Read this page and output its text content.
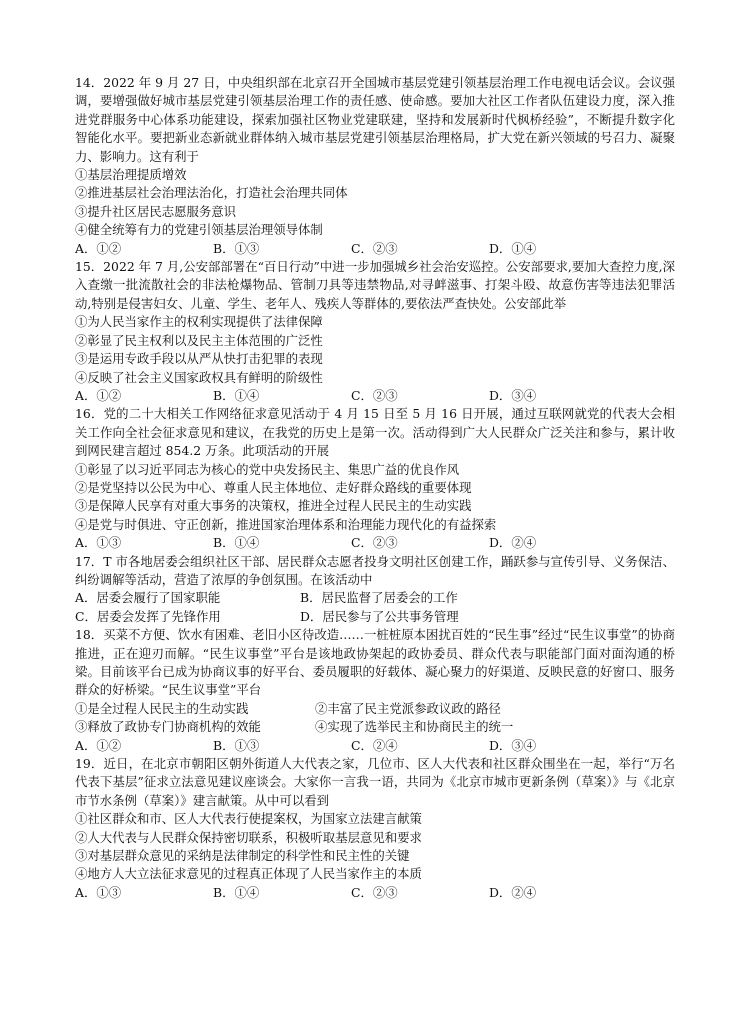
14．2022 年 9 月 27 日，中央组织部在北京召开全国城市基层党建引领基层治理工作电视电话会议。会议强调，要增强做好城市基层党建引领基层治理工作的责任感、使命感。要加大社区工作者队伍建设力度，深入推进党群服务中心体系功能建设，探索加强社区物业党建联建，坚持和发展新时代枫桥经验”，不断提升数字化智能化水平。要把新业态新就业群体纳入城市基层党建引领基层治理格局，扩大党在新兴领域的号召力、凝聚力、影响力。这有利于

①基层治理提质增效

②推进基层社会治理法治化，打造社会治理共同体

③提升社区居民志愿服务意识

④健全统筹有力的党建引领基层治理领导体制

A．①②	B．①③	C．②③	D．①④

15．2022 年 7 月,公安部部署在“百日行动”中进一步加强城乡社会治安巡控。公安部要求,要加大查控力度,深入查缴一批流散社会的非法枪爆物品、管制刀具等违禁物品,对寻衅滋事、打架斗殴、故意伤害等违法犯罪活动,特别是侵害妇女、儿童、学生、老年人、残疾人等群体的,要依法严查快处。公安部此举

①为人民当家作主的权利实现提供了法律保障

②彰显了民主权利以及民主主体范围的广泛性

③是运用专政手段以从严从快打击犯罪的表现

④反映了社会主义国家政权具有鲜明的阶级性

A．①②	B．①④	C．②③	D．③④

16．党的二十大相关工作网络征求意见活动于 4 月 15 日至 5 月 16 日开展，通过互联网就党的代表大会相关工作向全社会征求意见和建议，在我党的历史上是第一次。活动得到广大人民群众广泛关注和参与，累计收到网民建言超过 854.2 万条。此项活动的开展

①彰显了以习近平同志为核心的党中央发扬民主、集思广益的优良作风

②是党坚持以公民为中心、尊重人民主体地位、走好群众路线的重要体现

③是保障人民享有对重大事务的决策权，推进全过程人民民主的生动实践

④是党与时俱进、守正创新，推进国家治理体系和治理能力现代化的有益探索

A．①③	B．①④	C．②③	D．②④

17．T 市各地居委会组织社区干部、居民群众志愿者投身文明社区创建工作，踊跃参与宣传引导、义务保洁、纠纷调解等活动，营造了浓厚的争创氛围。在该活动中

A．居委会履行了国家职能	B．居民监督了居委会的工作
C．居委会发挥了先锋作用	D．居民参与了公共事务管理

18．买菜不方便、饮水有困难、老旧小区待改造……一桩桩原本困扰百姓的“民生事”经过“民生议事堂”的协商推进，正在迎刃而解。“民生议事堂”平台是该地政协架起的政协委员、群众代表与职能部门面对面沟通的桥梁。目前该平台已成为协商议事的好平台、委员履职的好载体、凝心聚力的好渠道、反映民意的好窗口、服务群众的好桥梁。“民生议事堂”平台

①是全过程人民民主的生动实践	②丰富了民主党派参政议政的路径

③释放了政协专门协商机构的效能	④实现了选举民主和协商民主的统一

A．①②	B．①③	C．②④	D．③④

19．近日，在北京市朝阳区朝外街道人大代表之家，几位市、区人大代表和社区群众围坐在一起，举行“万名代表下基层”征求立法意见建议座谈会。大家你一言我一语，共同为《北京市城市更新条例（草案）》与《北京市节水条例（草案）》建言献策。从中可以看到

①社区群众和市、区人大代表行使提案权，为国家立法建言献策

②人大代表与人民群众保持密切联系，积极听取基层意见和要求

③对基层群众意见的采纳是法律制定的科学性和民主性的关键

④地方人大立法征求意见的过程真正体现了人民当家作主的本质

A．①③	B．①④	C．②③	D．②④
